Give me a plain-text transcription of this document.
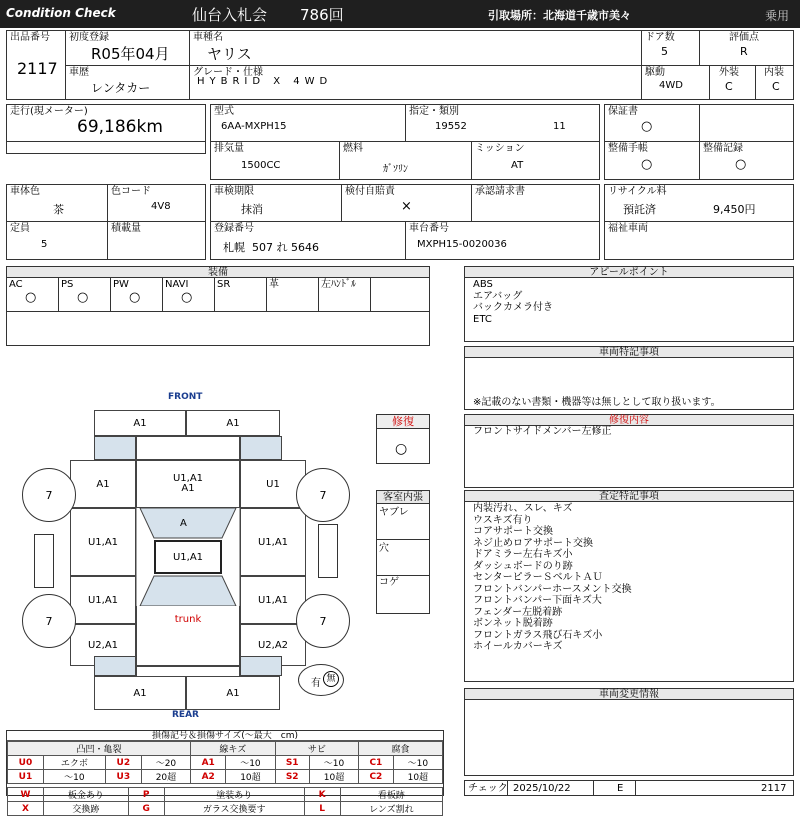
Condition Check	仙台入札会 786回	引取場所：北海道千歳市美々	乗用
出品番号
2117
初度登録
R05年04月
車種名
ヤリス
ドア数
5
評価点
R
車歴
レンタカー
グレード・仕様
HYBRID X 4WD
駆動
4WD
外装
C
内装
C
走行(現メーター)
69,186km
型式
6AA-MXPH15
指定・類別
19552	11
排気量
1500CC
燃料
ｶﾞｿﾘﾝ
ミッション
AT
保証書
○
整備手帳
○
整備記録
○
車体色
茶
色コード
4V8
定員
5
積載量
車検期限
抹消
検付自賠責
×
承認請求書
登録番号
札幌  507 れ 5646
車台番号
MXPH15-0020036
リサイクル料
預託済	9,450円
福祉車両
装備
AC
○
PS
○
PW
○
NAVI
○
SR	革	左ﾊﾝﾄﾞﾙ
アピールポイント
ABS
エアバッグ
バックカメラ付き
ETC
車両特記事項
※記載のない書類・機器等は無しとして取り扱います。
修復内容
フロントサイドメンバー左修正
査定特記事項
内装汚れ、スレ、キズ
ウスキズ有り
コアサポート交換
ネジ止めロアサポート交換
ドアミラー左右キズ小
ダッシュボードのり跡
センターピラーＳベルトＡＵ
フロントバンパーホースメント交換
フロントバンパー下面キズ大
フェンダー左脱着跡
ボンネット脱着跡
フロントガラス飛び石キズ小
ホイールカバーキズ
車両変更情報
チェック 2025/10/22	E	2117
修復
○
客室内張
ヤブレ
穴
コゲ
FRONT
REAR
A1	A1
A1	U1,A1
A1	U1
U1,A1	U1,A1
U1,A1	U1,A1
A
U1,A1
U2,A1
trunk
U2,A2
A1	A1
7	7
7	7
有 無
損傷記号＆損傷サイズ(〜最大　cm)
凸凹・亀裂				線キズ		サビ		腐食	
U0	エクボ	U2	〜20	A1	〜10	S1	〜10	C1	〜10
U1	〜10	U3	20超	A2	10超	S2	10超	C2	10超
W	板金あり	P	塗装あり	K	看板跡
X	交換跡	G	ガラス交換要す	L	レンズ割れ
